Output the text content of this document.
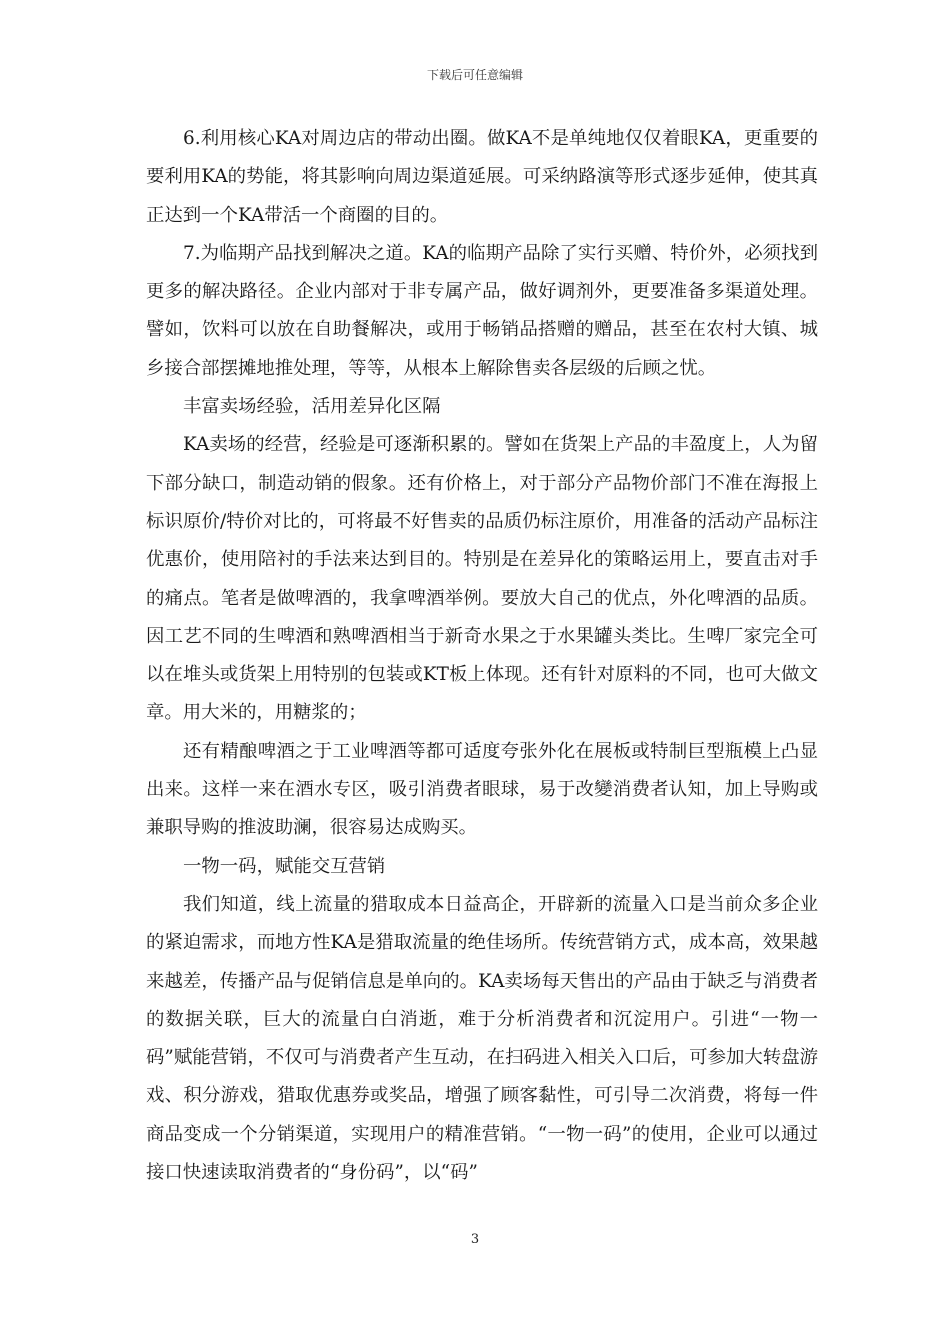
下载后可任意编辑

6.利用核心KA对周边店的带动出圈。做KA不是单纯地仅仅着眼KA，更重要的要利用KA的势能，将其影响向周边渠道延展。可采纳路演等形式逐步延伸，使其真正达到一个KA带活一个商圈的目的。

7.为临期产品找到解决之道。KA的临期产品除了实行买赠、特价外，必须找到更多的解决路径。企业内部对于非专属产品，做好调剂外，更要准备多渠道处理。譬如，饮料可以放在自助餐解决，或用于畅销品搭赠的赠品，甚至在农村大镇、城乡接合部摆摊地推处理，等等，从根本上解除售卖各层级的后顾之忧。

丰富卖场经验，活用差异化区隔

KA卖场的经营，经验是可逐渐积累的。譬如在货架上产品的丰盈度上，人为留下部分缺口，制造动销的假象。还有价格上，对于部分产品物价部门不准在海报上标识原价/特价对比的，可将最不好售卖的品质仍标注原价，用准备的活动产品标注优惠价，使用陪衬的手法来达到目的。特别是在差异化的策略运用上，要直击对手的痛点。笔者是做啤酒的，我拿啤酒举例。要放大自己的优点，外化啤酒的品质。因工艺不同的生啤酒和熟啤酒相当于新奇水果之于水果罐头类比。生啤厂家完全可以在堆头或货架上用特别的包装或KT板上体现。还有针对原料的不同，也可大做文章。用大米的，用糖浆的；

还有精酿啤酒之于工业啤酒等都可适度夸张外化在展板或特制巨型瓶模上凸显出来。这样一来在酒水专区，吸引消费者眼球，易于改變消费者认知，加上导购或兼职导购的推波助澜，很容易达成购买。

一物一码，赋能交互营销

我们知道，线上流量的猎取成本日益高企，开辟新的流量入口是当前众多企业的紧迫需求，而地方性KA是猎取流量的绝佳场所。传统营销方式，成本高，效果越来越差，传播产品与促销信息是单向的。KA卖场每天售出的产品由于缺乏与消费者的数据关联，巨大的流量白白消逝，难于分析消费者和沉淀用户。引进“一物一码”赋能营销，不仅可与消费者产生互动，在扫码进入相关入口后，可参加大转盘游戏、积分游戏，猎取优惠券或奖品，增强了顾客黏性，可引导二次消费，将每一件商品变成一个分销渠道，实现用户的精准营销。“一物一码”的使用，企业可以通过接口快速读取消费者的“身份码”，以“码”

3
